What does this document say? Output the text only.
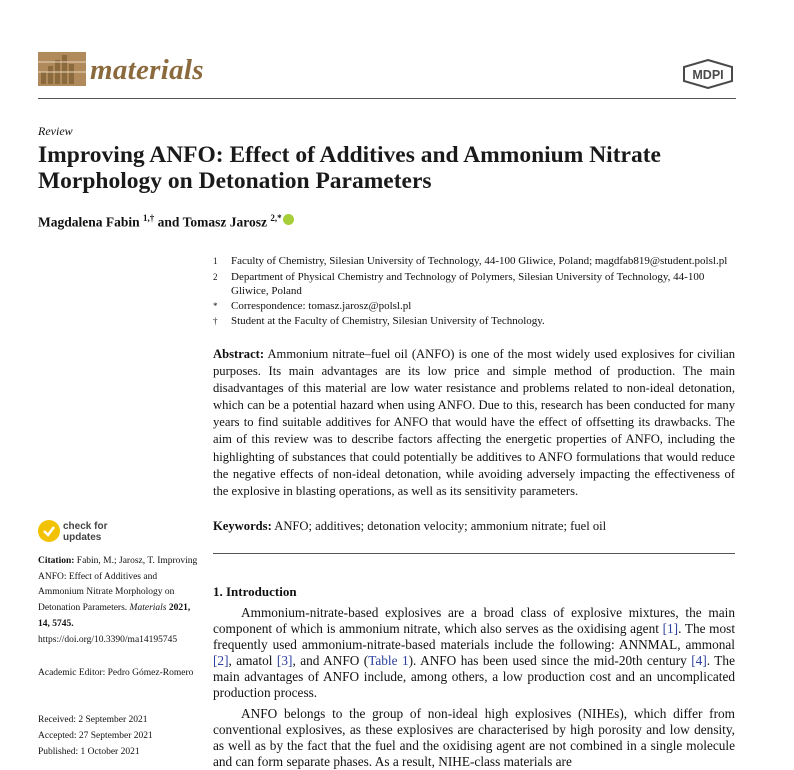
materials	MDPI
Review
Improving ANFO: Effect of Additives and Ammonium Nitrate Morphology on Detonation Parameters
Magdalena Fabin $^{1,\dagger}$ and Tomasz Jarosz $^{2,*}$
1 Faculty of Chemistry, Silesian University of Technology, 44-100 Gliwice, Poland; magdfab819@student.polsl.pl
2 Department of Physical Chemistry and Technology of Polymers, Silesian University of Technology, 44-100 Gliwice, Poland
* Correspondence: tomasz.jarosz@polsl.pl
† Student at the Faculty of Chemistry, Silesian University of Technology.
Abstract: Ammonium nitrate–fuel oil (ANFO) is one of the most widely used explosives for civilian purposes. Its main advantages are its low price and simple method of production. The main disadvantages of this material are low water resistance and problems related to non-ideal detonation, which can be a potential hazard when using ANFO. Due to this, research has been conducted for many years to find suitable additives for ANFO that would have the effect of offsetting its drawbacks. The aim of this review was to describe factors affecting the energetic properties of ANFO, including the highlighting of substances that could potentially be additives to ANFO formulations that would reduce the negative effects of non-ideal detonation, while avoiding adversely impacting the effectiveness of the explosive in blasting operations, as well as its sensitivity parameters.
Keywords: ANFO; additives; detonation velocity; ammonium nitrate; fuel oil
check for
updates
Citation: Fabin, M.; Jarosz, T. Improving ANFO: Effect of Additives and Ammonium Nitrate Morphology on Detonation Parameters. Materials 2021, 14, 5745. https://doi.org/10.3390/ma14195745
Academic Editor: Pedro Gómez-Romero
Received: 2 September 2021
Accepted: 27 September 2021
Published: 1 October 2021
1. Introduction
Ammonium-nitrate-based explosives are a broad class of explosive mixtures, the main component of which is ammonium nitrate, which also serves as the oxidising agent [1]. The most frequently used ammonium-nitrate-based materials include the following: ANNMAL, ammonal [2], amatol [3], and ANFO (Table 1). ANFO has been used since the mid-20th century [4]. The main advantages of ANFO include, among others, a low production cost and an uncomplicated production process.
ANFO belongs to the group of non-ideal high explosives (NIHEs), which differ from conventional explosives, as these explosives are characterised by high porosity and low density, as well as by the fact that the fuel and the oxidising agent are not combined in a single molecule and can form separate phases. As a result, NIHE-class materials are
